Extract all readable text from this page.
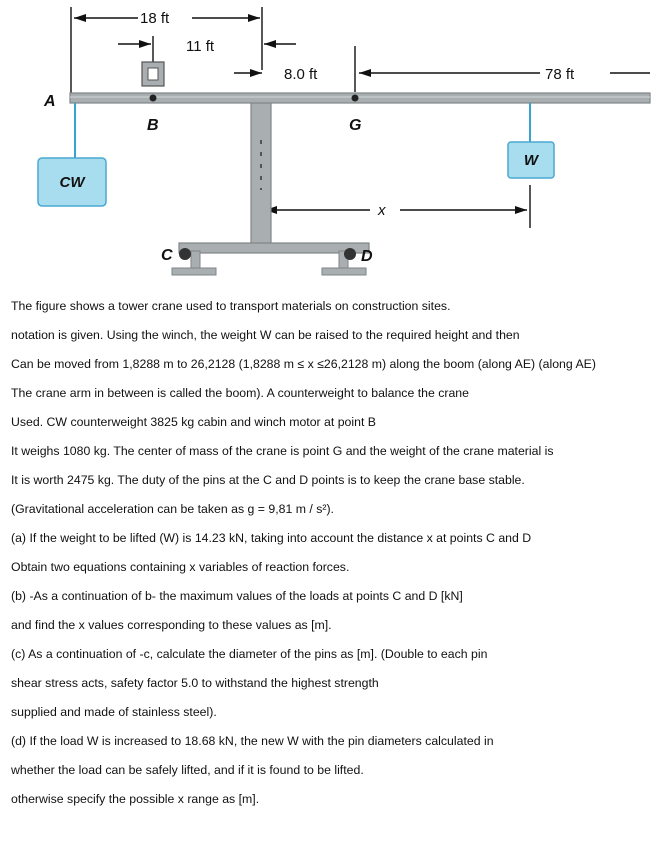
CW
W
18 ft
11 ft
8.0 ft	78 ft
x
A
B	G
C	D

The figure shows a tower crane used to transport materials on construction sites.

notation is given. Using the winch, the weight W can be raised to the required height and then

Can be moved from 1,8288 m to 26,2128 (1,8288 m ≤ x ≤26,2128 m) along the boom (along AE) (along AE)

The crane arm in between is called the boom). A counterweight to balance the crane

Used. CW counterweight 3825 kg cabin and winch motor at point B

It weighs 1080 kg. The center of mass of the crane is point G and the weight of the crane material is

It is worth 2475 kg. The duty of the pins at the C and D points is to keep the crane base stable.

(Gravitational acceleration can be taken as g = 9,81 m / s²).

(a) If the weight to be lifted (W) is 14.23 kN, taking into account the distance x at points C and D

Obtain two equations containing x variables of reaction forces.

(b) -As a continuation of b- the maximum values of the loads at points C and D [kN]

and find the x values corresponding to these values as [m].

(c) As a continuation of -c, calculate the diameter of the pins as [m]. (Double to each pin

shear stress acts, safety factor 5.0 to withstand the highest strength

supplied and made of stainless steel).

(d) If the load W is increased to 18.68 kN, the new W with the pin diameters calculated in

whether the load can be safely lifted, and if it is found to be lifted.

otherwise specify the possible x range as [m].
